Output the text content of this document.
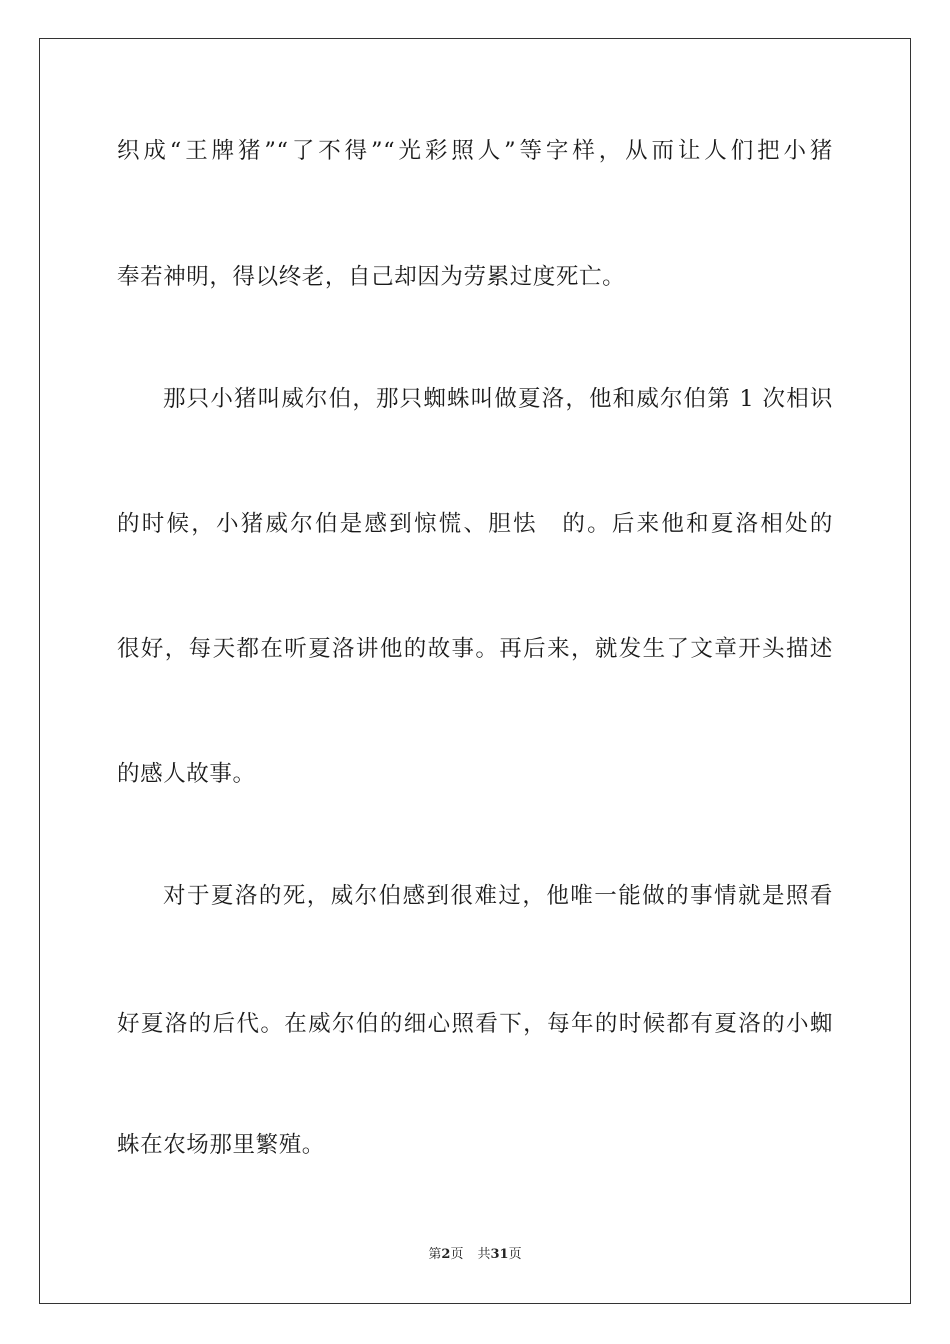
织成“王牌猪”“了不得”“光彩照人”等字样，从而让人们把小猪
奉若神明，得以终老，自己却因为劳累过度死亡。
那只小猪叫威尔伯，那只蜘蛛叫做夏洛，他和威尔伯第 1 次相识
的时候，小猪威尔伯是感到惊慌、胆怯　的。后来他和夏洛相处的
很好，每天都在听夏洛讲他的故事。再后来，就发生了文章开头描述
的感人故事。
对于夏洛的死，威尔伯感到很难过，他唯一能做的事情就是照看
好夏洛的后代。在威尔伯的细心照看下，每年的时候都有夏洛的小蜘
蛛在农场那里繁殖。
第2页 共31页
